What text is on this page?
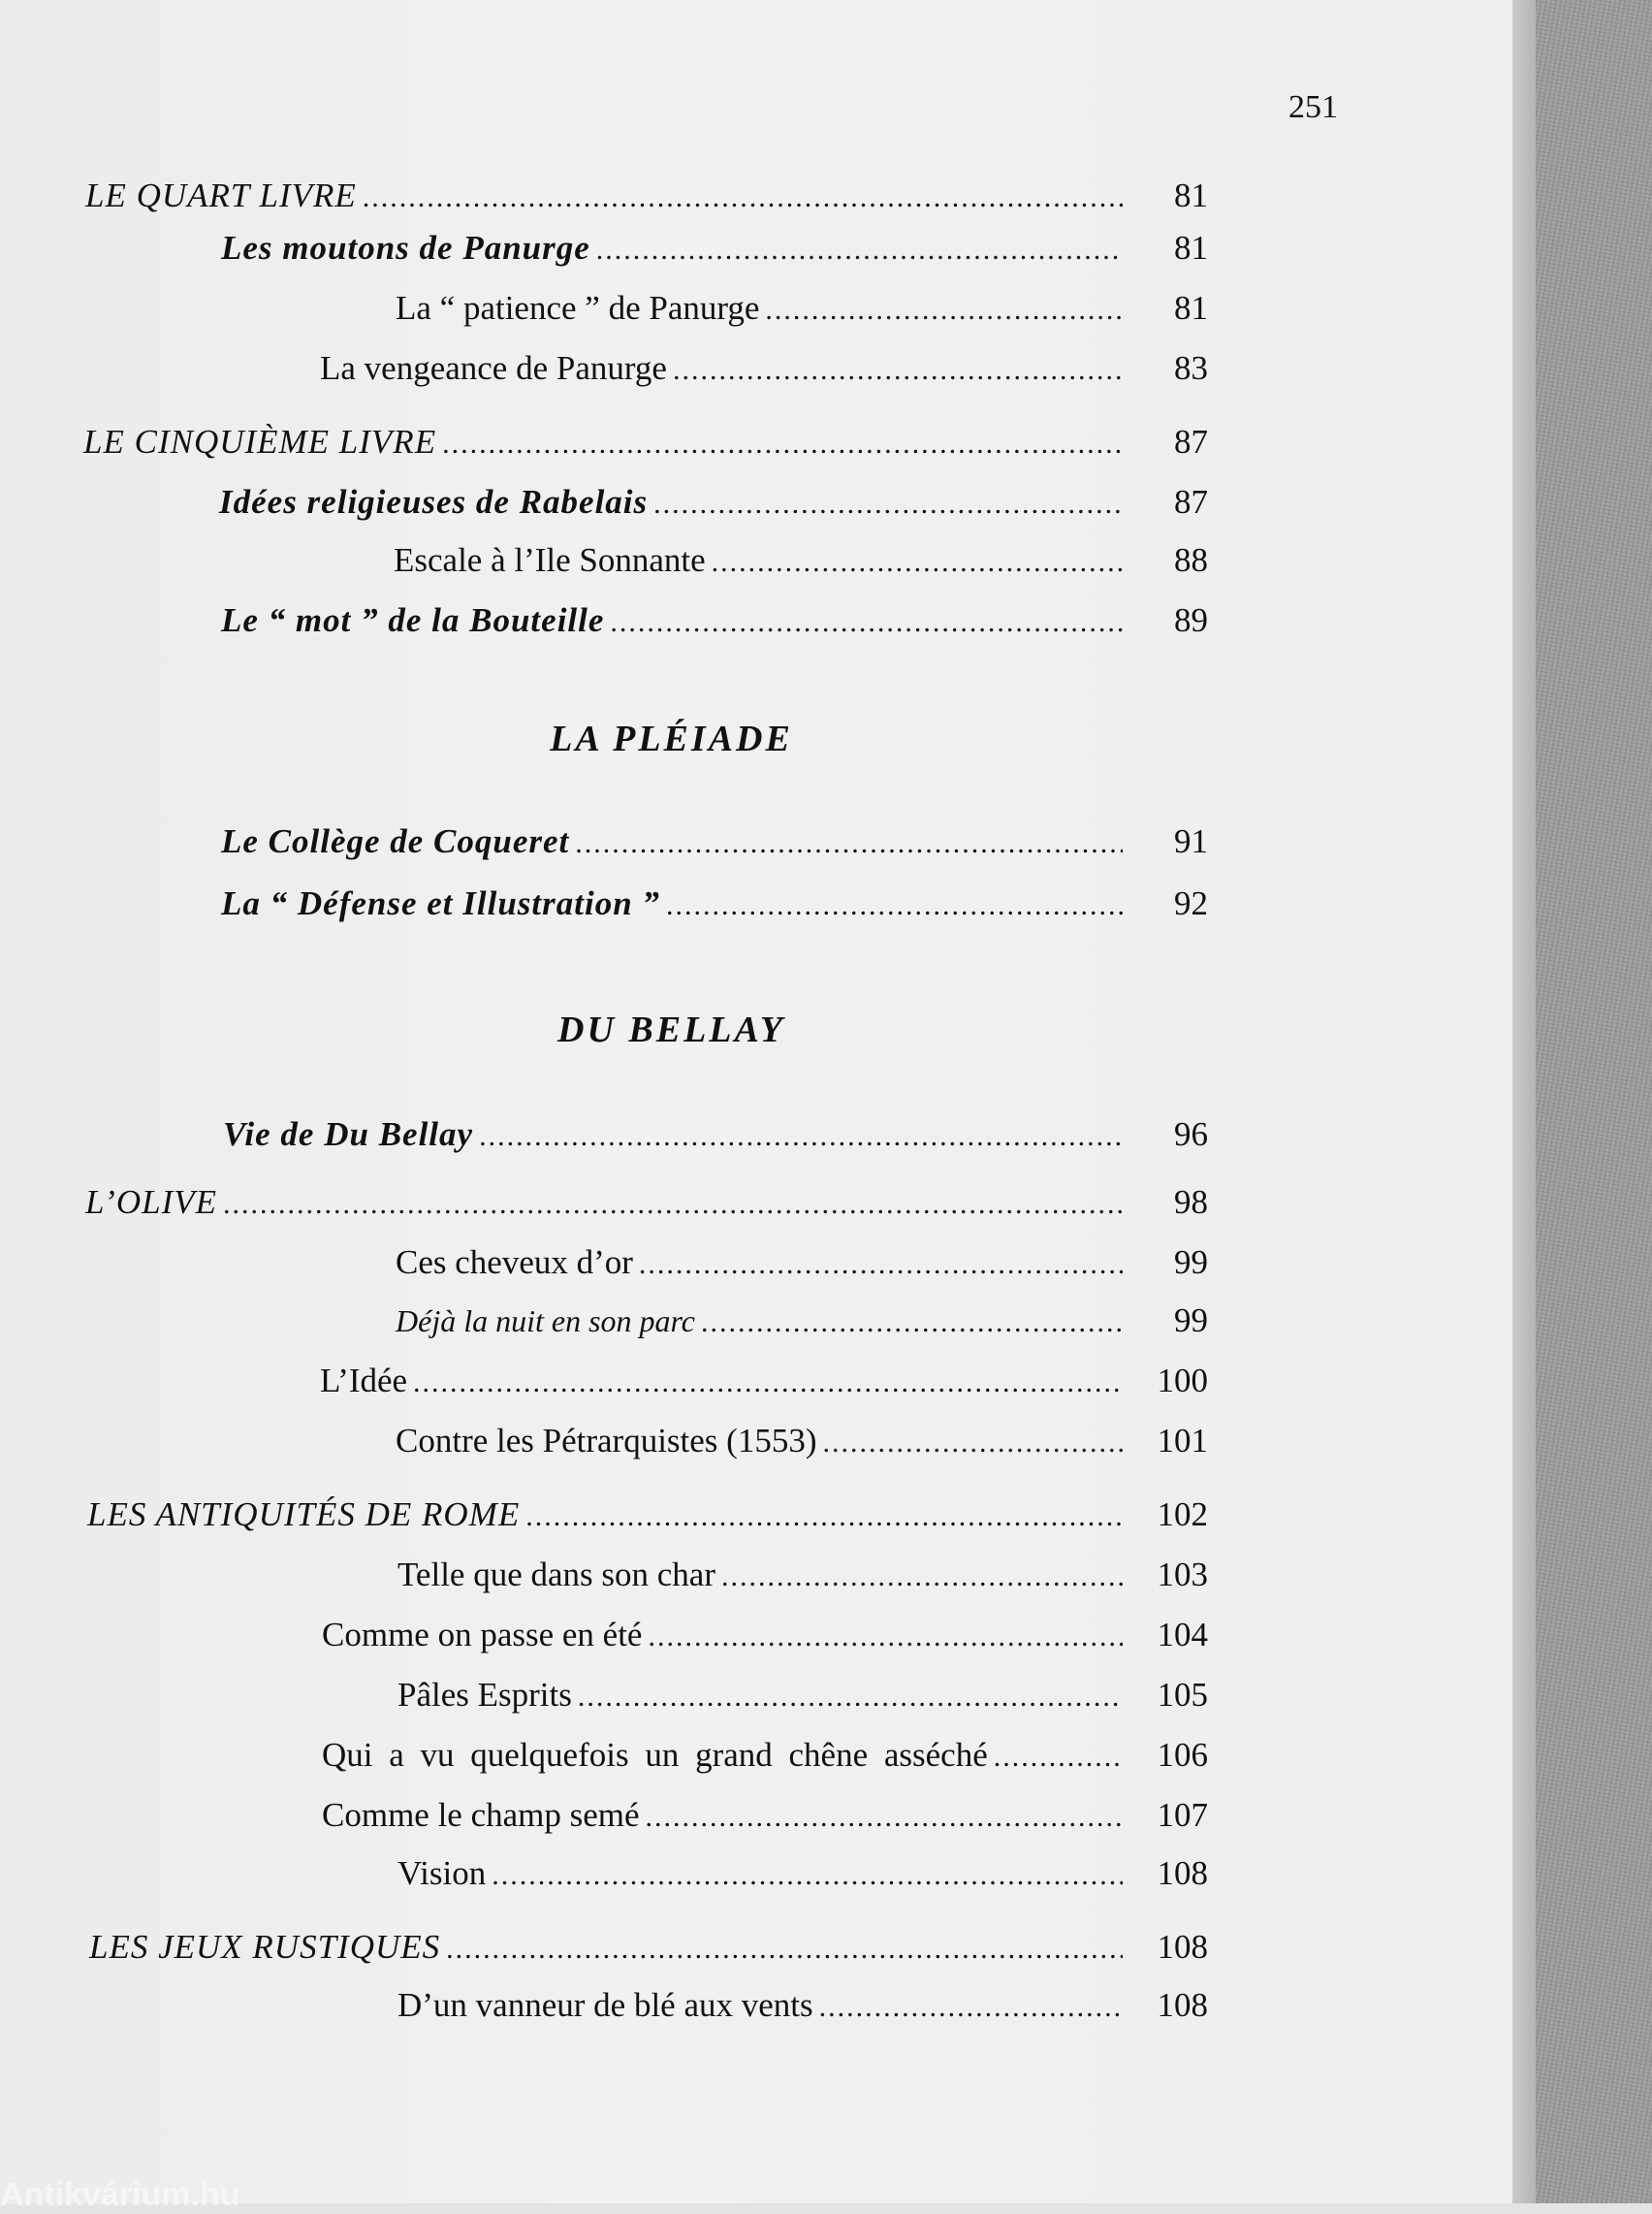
251
LE QUART LIVRE .....	81
Les moutons de Panurge .....	81
La “ patience ” de Panurge .....	81
La vengeance de Panurge .....	83
LE CINQUIÈME LIVRE .....	87
Idées religieuses de Rabelais .....	87
Escale à l’Ile Sonnante .....	88
Le “ mot ” de la Bouteille .....	89
LA PLÉIADE
Le Collège de Coqueret .....	91
La “ Défense et Illustration ” .....	92
DU BELLAY
Vie de Du Bellay .....	96
L’OLIVE .....	98
Ces cheveux d’or .....	99
Déjà la nuit en son parc .....	99
L’Idée .....	100
Contre les Pétrarquistes (1553) .....	101
LES ANTIQUITÉS DE ROME .....	102
Telle que dans son char .....	103
Comme on passe en été .....	104
Pâles Esprits .....	105
Qui a vu quelquefois un grand chêne asséché .....	106
Comme le champ semé .....	107
Vision .....	108
LES JEUX RUSTIQUES .....	108
D’un vanneur de blé aux vents .....	108
Antikvárium.hu
